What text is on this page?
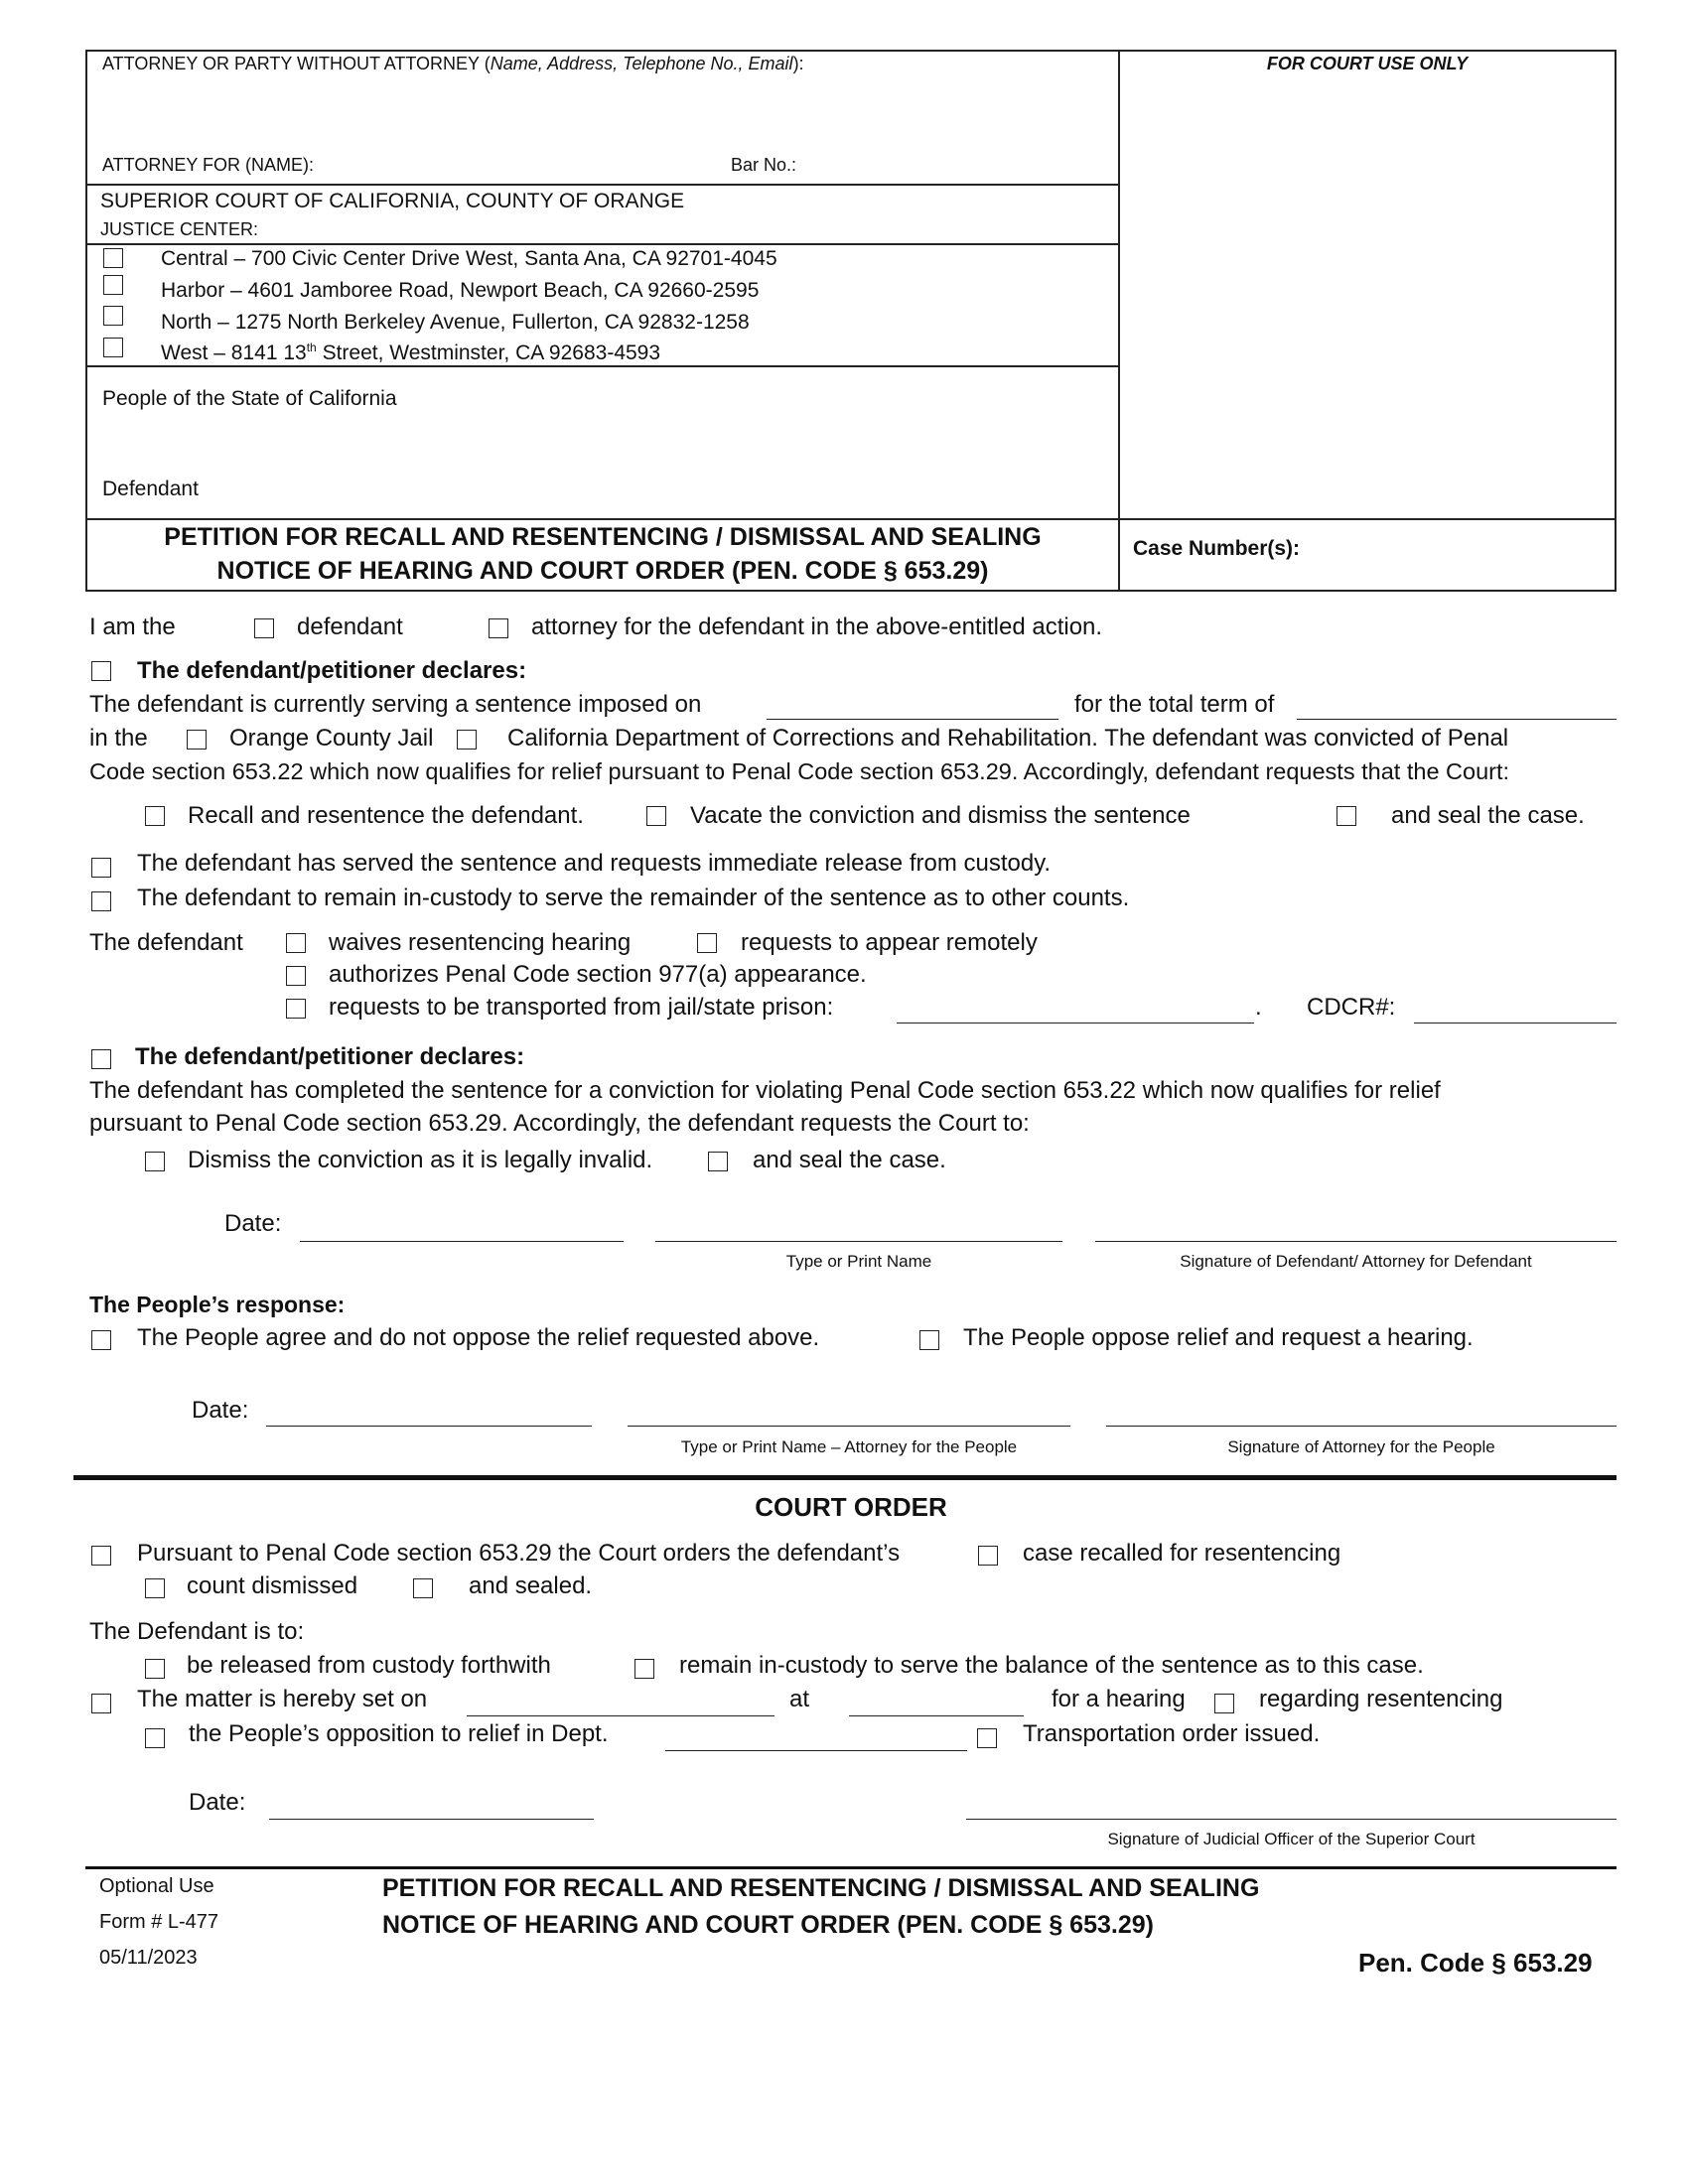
ATTORNEY OR PARTY WITHOUT ATTORNEY (Name, Address, Telephone No., Email):
ATTORNEY FOR (NAME):	Bar No.:
FOR COURT USE ONLY
SUPERIOR COURT OF CALIFORNIA, COUNTY OF ORANGE
JUSTICE CENTER:
Central – 700 Civic Center Drive West, Santa Ana, CA 92701-4045
Harbor – 4601 Jamboree Road, Newport Beach, CA 92660-2595
North – 1275 North Berkeley Avenue, Fullerton, CA 92832-1258
West – 8141 13th Street, Westminster, CA 92683-4593
People of the State of California
Defendant
PETITION FOR RECALL AND RESENTENCING / DISMISSAL AND SEALING
NOTICE OF HEARING AND COURT ORDER (PEN. CODE § 653.29)
Case Number(s):
I am the	defendant	attorney for the defendant in the above-entitled action.
The defendant/petitioner declares:
The defendant is currently serving a sentence imposed on	for the total term of
in the	Orange County Jail	California Department of Corrections and Rehabilitation. The defendant was convicted of Penal
Code section 653.22 which now qualifies for relief pursuant to Penal Code section 653.29. Accordingly, defendant requests that the Court:
Recall and resentence the defendant.	Vacate the conviction and dismiss the sentence	and seal the case.
The defendant has served the sentence and requests immediate release from custody.
The defendant to remain in-custody to serve the remainder of the sentence as to other counts.
The defendant	waives resentencing hearing	requests to appear remotely
authorizes Penal Code section 977(a) appearance.
requests to be transported from jail/state prison:	. CDCR#:
The defendant/petitioner declares:
The defendant has completed the sentence for a conviction for violating Penal Code section 653.22 which now qualifies for relief
pursuant to Penal Code section 653.29. Accordingly, the defendant requests the Court to:
Dismiss the conviction as it is legally invalid.	and seal the case.
Date:
Type or Print Name	Signature of Defendant/ Attorney for Defendant
The People’s response:
The People agree and do not oppose the relief requested above.	The People oppose relief and request a hearing.
Date:
Type or Print Name – Attorney for the People	Signature of Attorney for the People
COURT ORDER
Pursuant to Penal Code section 653.29 the Court orders the defendant’s	case recalled for resentencing
count dismissed	and sealed.
The Defendant is to:
be released from custody forthwith	remain in-custody to serve the balance of the sentence as to this case.
The matter is hereby set on	at	for a hearing	regarding resentencing
the People’s opposition to relief in Dept.	Transportation order issued.
Date:
Signature of Judicial Officer of the Superior Court
Optional Use
Form # L-477
05/11/2023
PETITION FOR RECALL AND RESENTENCING / DISMISSAL AND SEALING
NOTICE OF HEARING AND COURT ORDER (PEN. CODE § 653.29)
Pen. Code § 653.29
